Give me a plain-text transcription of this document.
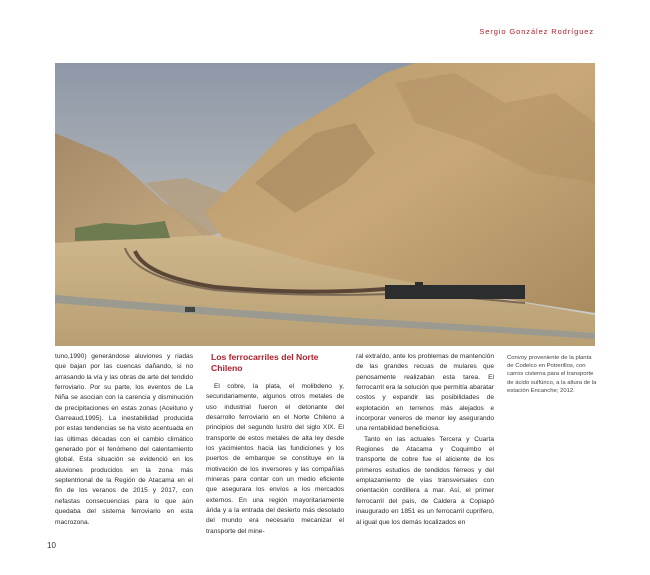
Sergio González Rodríguez

tuno,1990) generándose aluviones y riadas que bajan por las cuencas dañando, si no arrasando la vía y las obras de arte del tendido ferroviario. Por su parte, los eventos de La Niña se asocian con la carencia y disminución de precipitaciones en estas zonas (Aceituno y Garreaud,1995). La inestabilidad producida por estas tendencias se ha visto acentuada en las últimas décadas con el cambio climático generado por el fenómeno del calentamiento global. Esta situación se evidenció en los aluviones producidos en la zona más septentrional de la Región de Atacama en el fin de los veranos de 2015 y 2017, con nefastas consecuencias para lo que aún quedaba del sistema ferroviario en esta macrozona.

Los ferrocarriles del Norte Chileno

El cobre, la plata, el molibdeno y, secundariamente, algunos otros metales de uso industrial fueron el detonante del desarrollo ferroviario en el Norte Chileno a principios del segundo lustro del siglo XIX. El transporte de estos metales de alta ley desde los yacimientos hacia las fundiciones y los puertos de embarque se constituye en la motivación de los inversores y las compañías mineras para contar con un medio eficiente que asegurara los envíos a los mercados externos. En una región mayoritariamente árida y a la entrada del desierto más desolado del mundo era necesario mecanizar el transporte del mine-

ral extraído, ante los problemas de mantención de las grandes recuas de mulares que penosamente realizaban esta tarea. El ferrocarril era la solución que permitía abaratar costos y expandir las posibilidades de explotación en terrenos más alejados e incorporar veneros de menor ley asegurando una rentabilidad beneficiosa.

Tanto en las actuales Tercera y Cuarta Regiones de Atacama y Coquimbo el transporte de cobre fue el aliciente de los primeros estudios de tendidos férreos y del emplazamiento de vías transversales con orientación cordillera a mar. Así, el primer ferrocarril del país, de Caldera a Copiapó inaugurado en 1851 es un ferrocarril cuprífero, al igual que los demás localizados en

Convoy proveniente de la planta de Codelco en Potrerillos, con carros cisterna para el transporte de ácido sulfúrico, a la altura de la estación Encanche; 2012.
10
